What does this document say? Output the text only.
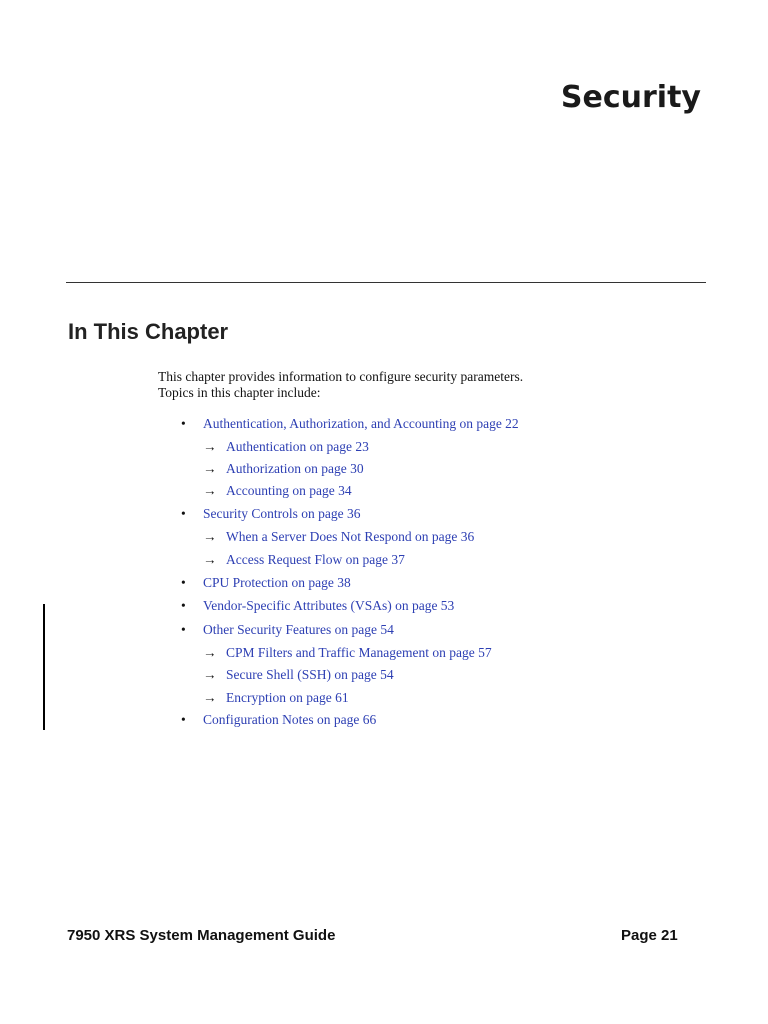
Security
In This Chapter
This chapter provides information to configure security parameters.
Topics in this chapter include:
• Authentication, Authorization, and Accounting on page 22
→ Authentication on page 23
→ Authorization on page 30
→ Accounting on page 34
• Security Controls on page 36
→ When a Server Does Not Respond on page 36
→ Access Request Flow on page 37
• CPU Protection on page 38
• Vendor-Specific Attributes (VSAs) on page 53
• Other Security Features on page 54
→ CPM Filters and Traffic Management on page 57
→ Secure Shell (SSH) on page 54
→ Encryption on page 61
• Configuration Notes on page 66
7950 XRS System Management Guide	Page 21
